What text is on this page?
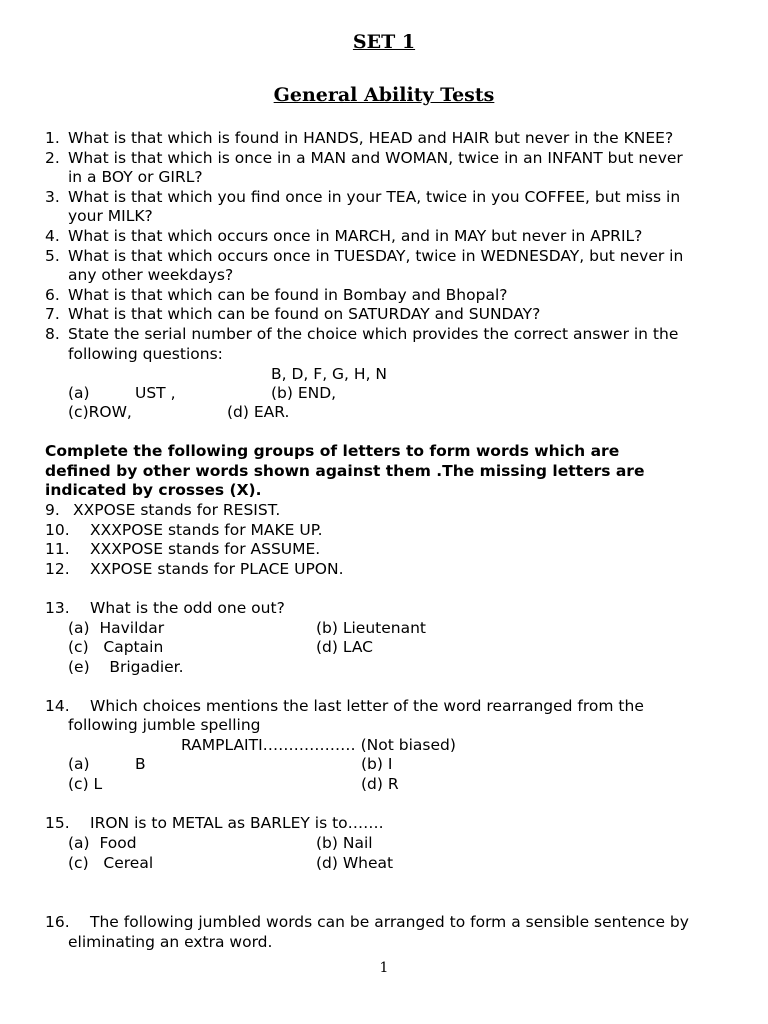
SET 1
General Ability Tests
1. What is that which is found in HANDS, HEAD and HAIR but never in the KNEE?
2. What is that which is once in a MAN and WOMAN, twice in an INFANT but never
in a BOY or GIRL?
3. What is that which you find once in your TEA, twice in you COFFEE, but miss in
your MILK?
4. What is that which occurs once in MARCH, and in MAY but never in APRIL?
5. What is that which occurs once in TUESDAY, twice in WEDNESDAY, but never in
any other weekdays?
6. What is that which can be found in Bombay and Bhopal?
7. What is that which can be found on SATURDAY and SUNDAY?
8. State the serial number of the choice which provides the correct answer in the
following questions:
B, D, F, G, H, N
(a)	UST ,	(b) END,
(c)ROW,	(d) EAR.
Complete the following groups of letters to form words which are
defined by other words shown against them .The missing letters are
indicated by crosses (X).
9. XXPOSE stands for RESIST.
10. XXXPOSE stands for MAKE UP.
11. XXXPOSE stands for ASSUME.
12. XXPOSE stands for PLACE UPON.
13. What is the odd one out?
(a)  Havildar	(b) Lieutenant
(c)   Captain	(d) LAC
(e)    Brigadier.
14. Which choices mentions the last letter of the word rearranged from the
following jumble spelling
RAMPLAITI……………… (Not biased)
(a)	B	(b) I
(c) L	(d) R
15. IRON is to METAL as BARLEY is to…….
(a)  Food	(b) Nail
(c)   Cereal	(d) Wheat
16. The following jumbled words can be arranged to form a sensible sentence by
eliminating an extra word.
1
